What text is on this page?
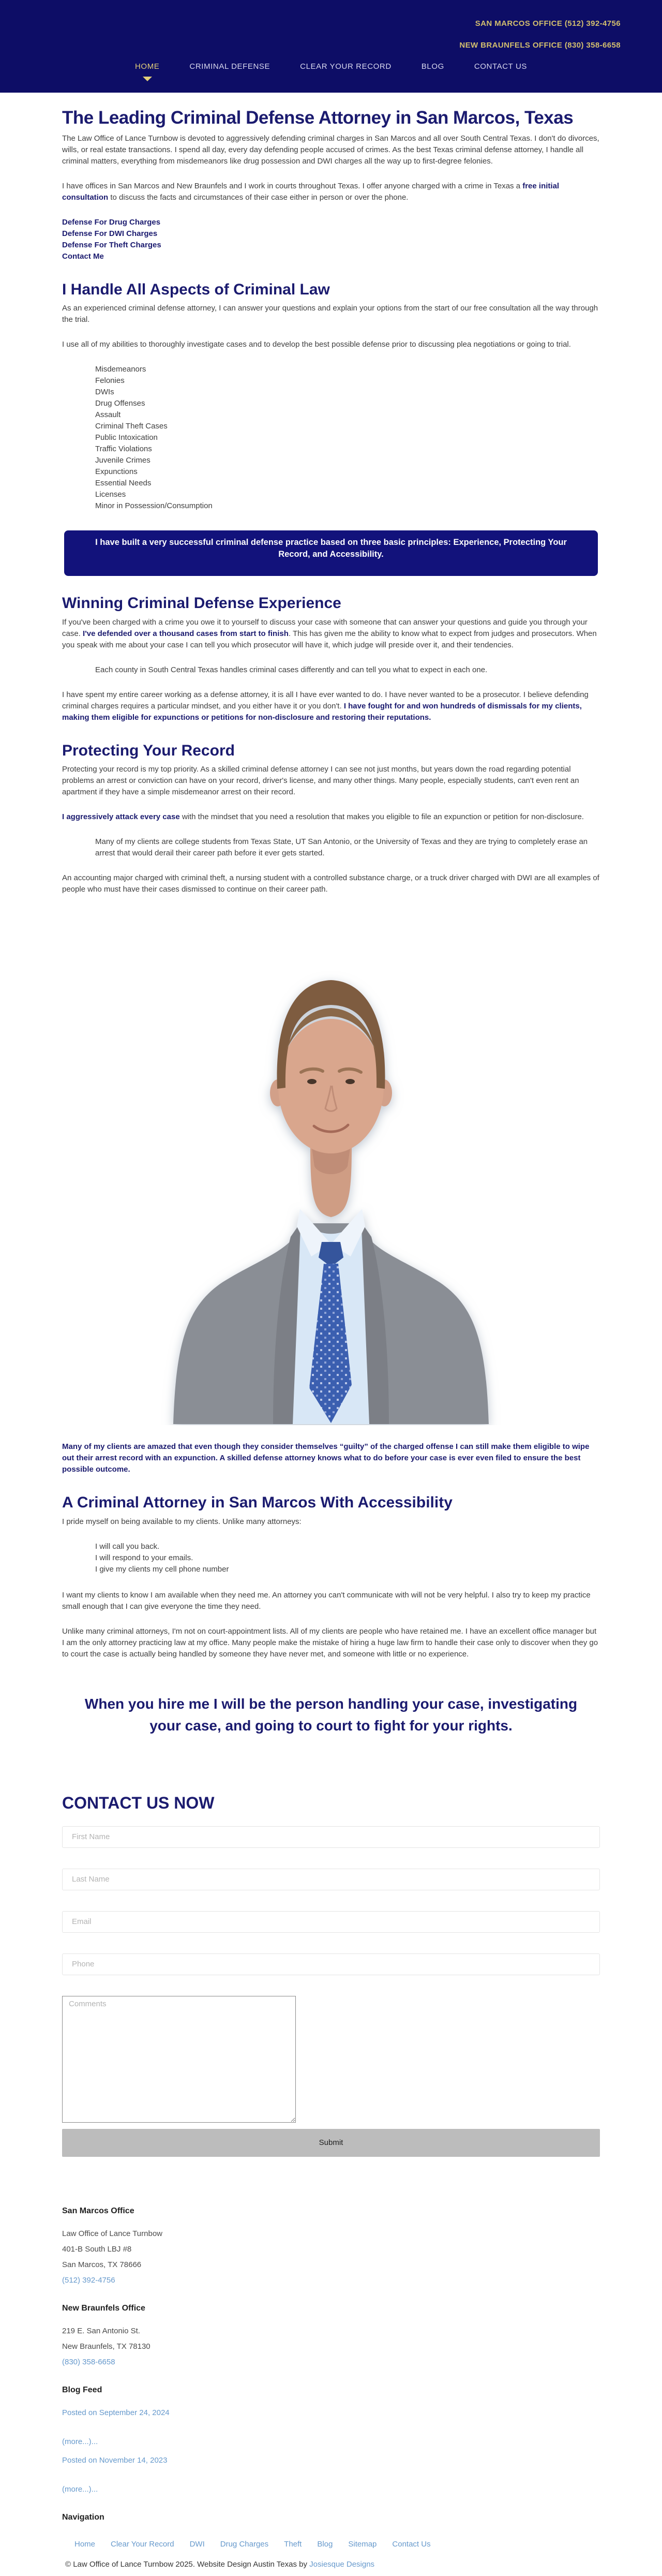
SAN MARCOS OFFICE (512) 392-4756
NEW BRAUNFELS OFFICE (830) 358-6658
HOME	CRIMINAL DEFENSE	CLEAR YOUR RECORD	BLOG	CONTACT US
The Leading Criminal Defense Attorney in San Marcos, Texas

The Law Office of Lance Turnbow is devoted to aggressively defending criminal charges in San Marcos and all over South Central Texas. I don't do divorces, wills, or real estate transactions. I spend all day, every day defending people accused of crimes. As the best Texas criminal defense attorney, I handle all criminal matters, everything from misdemeanors like drug possession and DWI charges all the way up to first-degree felonies.

I have offices in San Marcos and New Braunfels and I work in courts throughout Texas. I offer anyone charged with a crime in Texas a free initial consultation to discuss the facts and circumstances of their case either in person or over the phone.

Defense For Drug Charges
Defense For DWI Charges
Defense For Theft Charges
Contact Me
I Handle All Aspects of Criminal Law

As an experienced criminal defense attorney, I can answer your questions and explain your options from the start of our free consultation all the way through the trial.

I use all of my abilities to thoroughly investigate cases and to develop the best possible defense prior to discussing plea negotiations or going to trial.

Misdemeanors
Felonies
DWIs
Drug Offenses
Assault
Criminal Theft Cases
Public Intoxication
Traffic Violations
Juvenile Crimes
Expunctions
Essential Needs
Licenses
Minor in Possession/Consumption
I have built a very successful criminal defense practice based on three basic principles: Experience, Protecting Your Record, and Accessibility.
Winning Criminal Defense Experience

If you've been charged with a crime you owe it to yourself to discuss your case with someone that can answer your questions and guide you through your case. I've defended over a thousand cases from start to finish. This has given me the ability to know what to expect from judges and prosecutors. When you speak with me about your case I can tell you which prosecutor will have it, which judge will preside over it, and their tendencies.

Each county in South Central Texas handles criminal cases differently and can tell you what to expect in each one.

I have spent my entire career working as a defense attorney, it is all I have ever wanted to do. I have never wanted to be a prosecutor. I believe defending criminal charges requires a particular mindset, and you either have it or you don't. I have fought for and won hundreds of dismissals for my clients, making them eligible for expunctions or petitions for non-disclosure and restoring their reputations.

Protecting Your Record

Protecting your record is my top priority. As a skilled criminal defense attorney I can see not just months, but years down the road regarding potential problems an arrest or conviction can have on your record, driver's license, and many other things. Many people, especially students, can't even rent an apartment if they have a simple misdemeanor arrest on their record.

I aggressively attack every case with the mindset that you need a resolution that makes you eligible to file an expunction or petition for non-disclosure.

Many of my clients are college students from Texas State, UT San Antonio, or the University of Texas and they are trying to completely erase an arrest that would derail their career path before it ever gets started.

An accounting major charged with criminal theft, a nursing student with a controlled substance charge, or a truck driver charged with DWI are all examples of people who must have their cases dismissed to continue on their career path.

Many of my clients are amazed that even though they consider themselves “guilty” of the charged offense I can still make them eligible to wipe out their arrest record with an expunction. A skilled defense attorney knows what to do before your case is ever even filed to ensure the best possible outcome.

A Criminal Attorney in San Marcos With Accessibility

I pride myself on being available to my clients. Unlike many attorneys:

I will call you back.
I will respond to your emails.
I give my clients my cell phone number

I want my clients to know I am available when they need me. An attorney you can't communicate with will not be very helpful. I also try to keep my practice small enough that I can give everyone the time they need.

Unlike many criminal attorneys, I'm not on court-appointment lists. All of my clients are people who have retained me. I have an excellent office manager but I am the only attorney practicing law at my office. Many people make the mistake of hiring a huge law firm to handle their case only to discover when they go to court the case is actually being handled by someone they have never met, and someone with little or no experience.

When you hire me I will be the person handling your case, investigating your case, and going to court to fight for your rights.
CONTACT US NOW
First Name
Last Name
Email
Phone
Comments Submit
San Marcos Office
Law Office of Lance Turnbow
401-B South LBJ #8
San Marcos, TX 78666
(512) 392-4756
New Braunfels Office
219 E. San Antonio St.
New Braunfels, TX 78130
(830) 358-6658
Blog Feed
Posted on September 24, 2024
(more...)...
Posted on November 14, 2023
(more...)...
Navigation
Home Clear Your Record DWI Drug Charges Theft Blog Sitemap Contact Us
© Law Office of Lance Turnbow 2025. Website Design Austin Texas by Josiesque Designs
